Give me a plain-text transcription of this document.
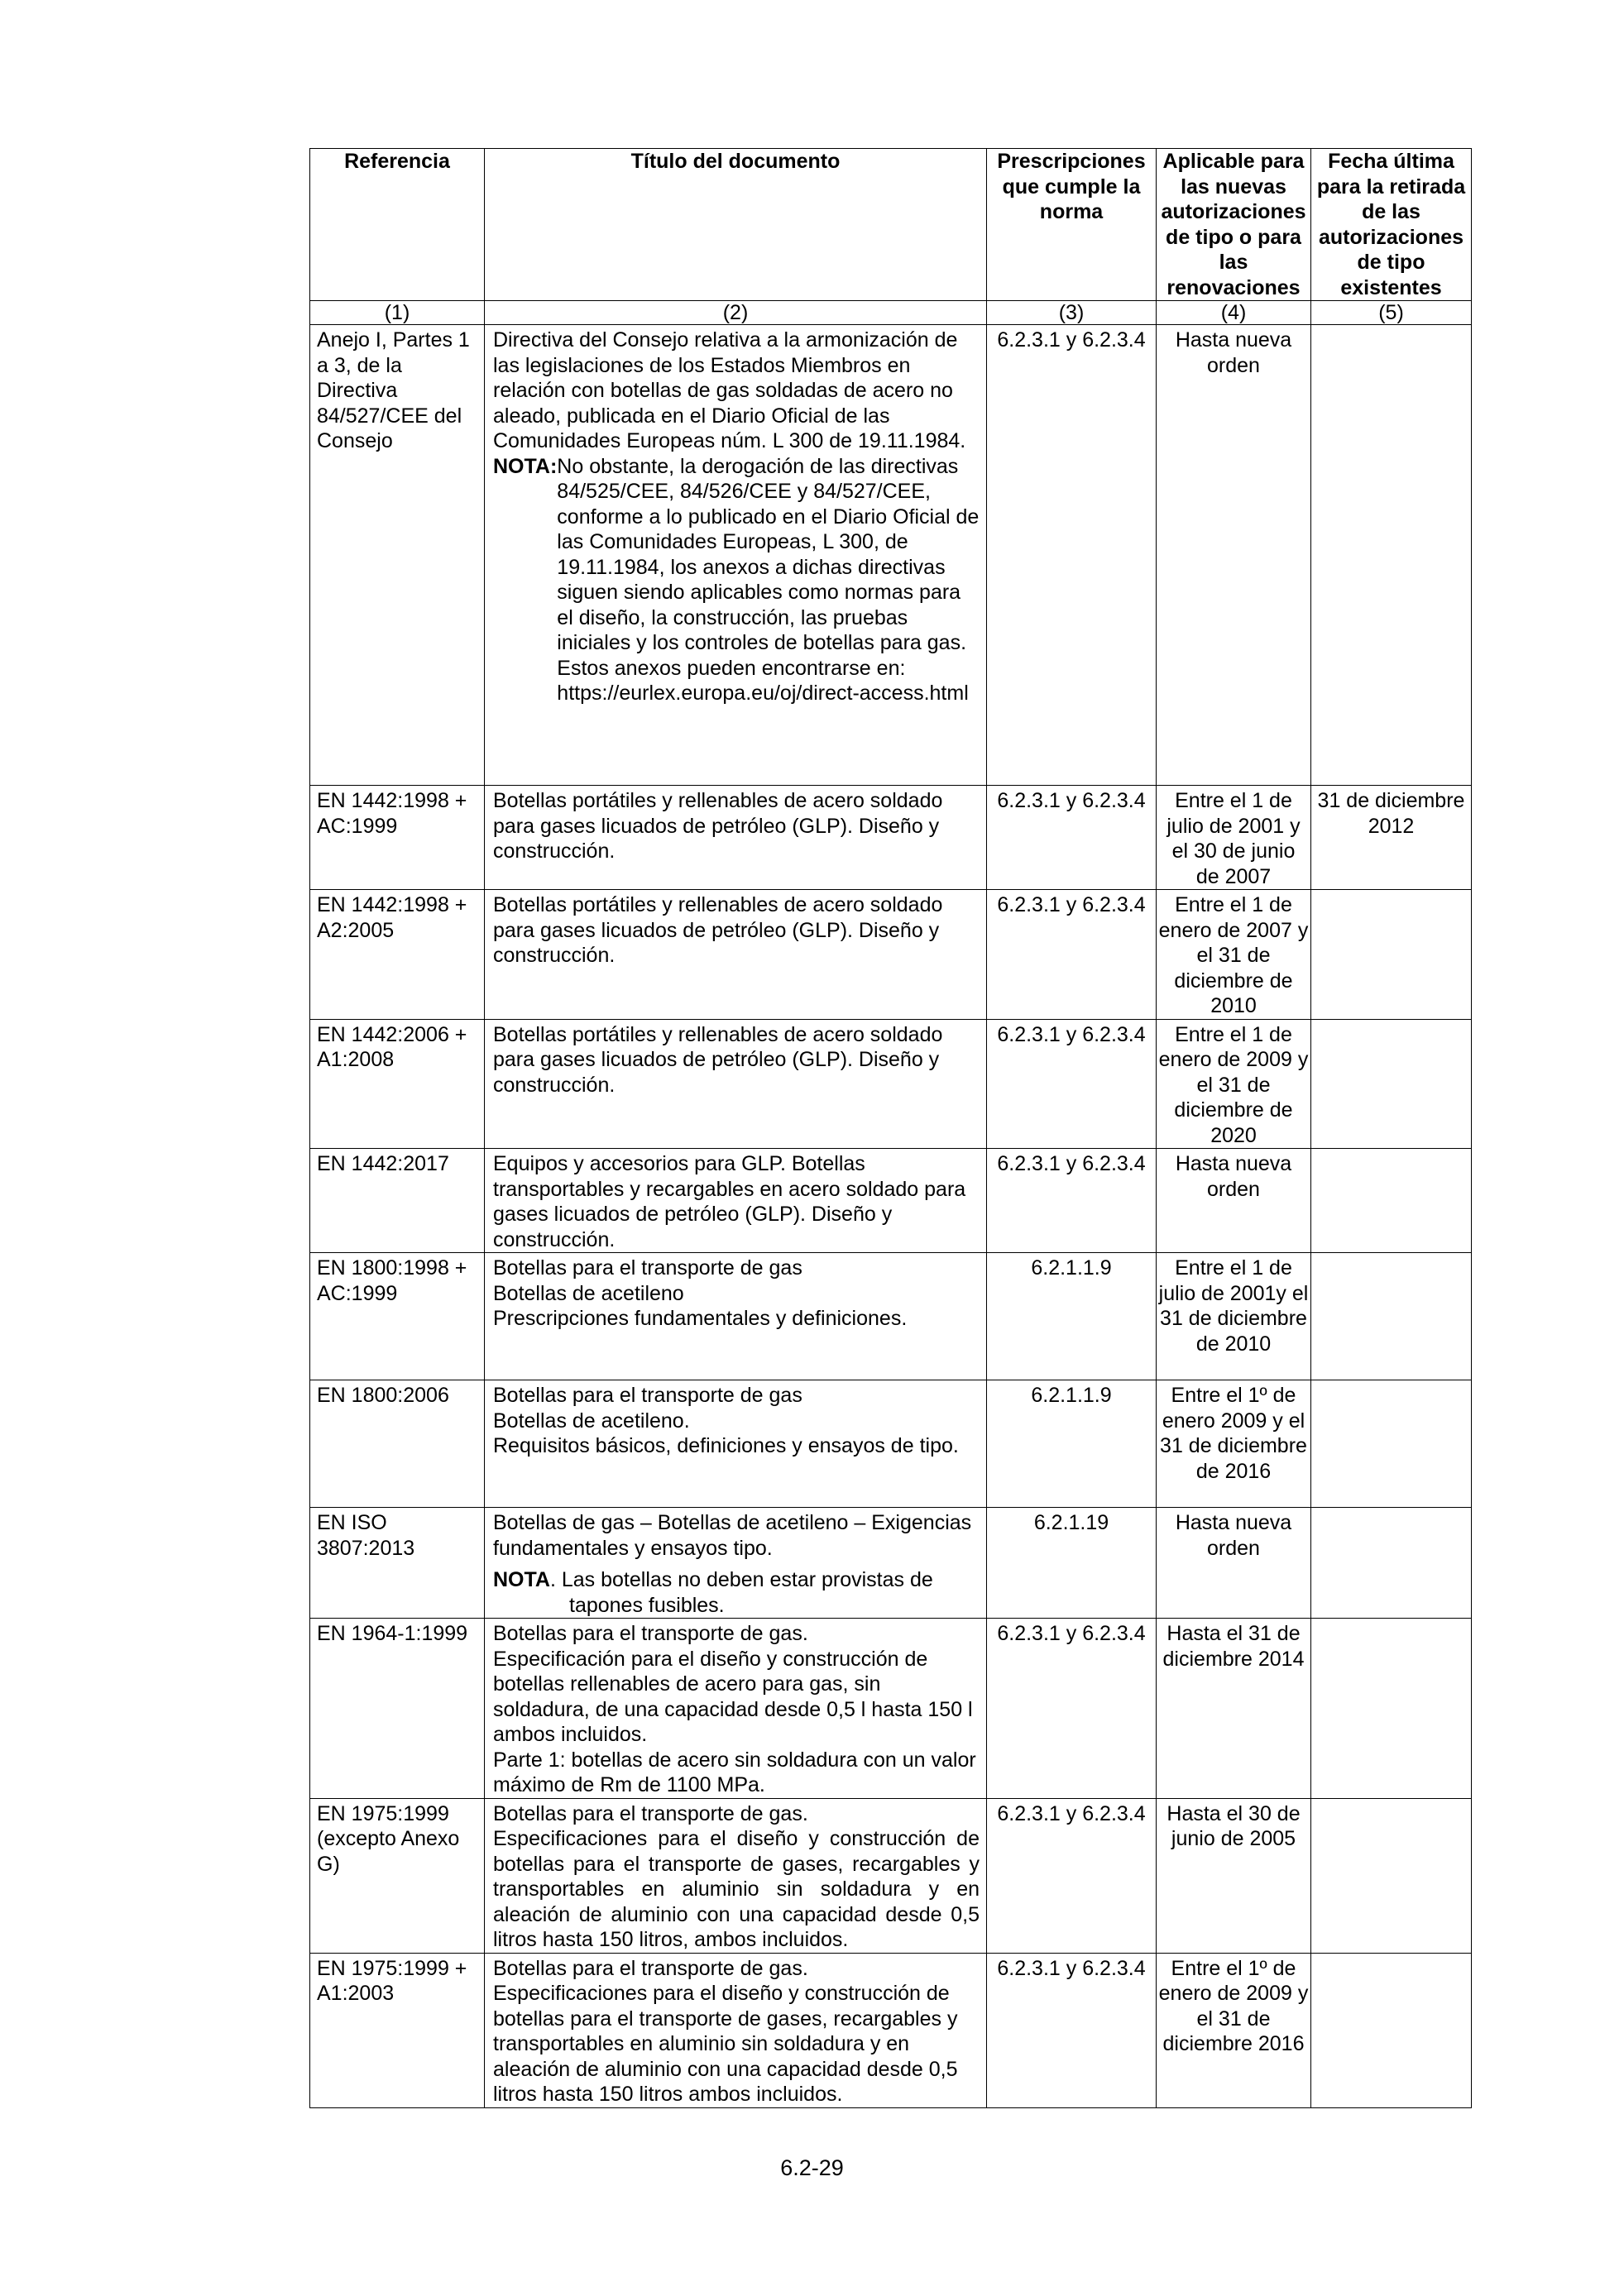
Referencia	Título del documento	Prescripciones que cumple la norma	Aplicable para las nuevas autorizaciones de tipo o para las renovaciones	Fecha última para la retirada de las autorizaciones de tipo existentes
(1)	(2)	(3)	(4)	(5)
Anejo I, Partes 1 a 3, de la Directiva 84/527/CEE del Consejo	Directiva del Consejo relativa a la armonización de las legislaciones de los Estados Miembros en relación con botellas de gas soldadas de acero no aleado, publicada en el Diario Oficial de las Comunidades Europeas núm. L 300 de 19.11.1984.
NOTA: No obstante, la derogación de las directivas 84/525/CEE, 84/526/CEE y 84/527/CEE, conforme a lo publicado en el Diario Oficial de las Comunidades Europeas, L 300, de 19.11.1984, los anexos a dichas directivas siguen siendo aplicables como normas para el diseño, la construcción, las pruebas iniciales y los controles de botellas para gas. Estos anexos pueden encontrarse en: https://eurlex.europa.eu/oj/direct-access.html	6.2.3.1 y 6.2.3.4	Hasta nueva orden	
EN 1442:1998 + AC:1999	Botellas portátiles y rellenables de acero soldado para gases licuados de petróleo (GLP). Diseño y construcción.	6.2.3.1 y 6.2.3.4	Entre el 1 de julio de 2001 y el 30 de junio de 2007	31 de diciembre 2012
EN 1442:1998 + A2:2005	Botellas portátiles y rellenables de acero soldado para gases licuados de petróleo (GLP). Diseño y construcción.	6.2.3.1 y 6.2.3.4	Entre el 1 de enero de 2007 y el 31 de diciembre de 2010	
EN 1442:2006 + A1:2008	Botellas portátiles y rellenables de acero soldado para gases licuados de petróleo (GLP). Diseño y construcción.	6.2.3.1 y 6.2.3.4	Entre el 1 de enero de 2009 y el 31 de diciembre de 2020	
EN 1442:2017	Equipos y accesorios para GLP. Botellas transportables y recargables en acero soldado para gases licuados de petróleo (GLP). Diseño y construcción.	6.2.3.1 y 6.2.3.4	Hasta nueva orden	
EN 1800:1998 + AC:1999	Botellas para el transporte de gas
Botellas de acetileno
Prescripciones fundamentales y definiciones.	6.2.1.1.9	Entre el 1 de julio de 2001y el 31 de diciembre de 2010	
EN 1800:2006	Botellas para el transporte de gas
Botellas de acetileno.
Requisitos básicos, definiciones y ensayos de tipo.	6.2.1.1.9	Entre el 1º de enero 2009 y el 31 de diciembre de 2016	
EN ISO 3807:2013	Botellas de gas – Botellas de acetileno – Exigencias fundamentales y ensayos tipo.
NOTA. Las botellas no deben estar provistas de tapones fusibles.	6.2.1.19	Hasta nueva orden	
EN 1964-1:1999	Botellas para el transporte de gas.
Especificación para el diseño y construcción de botellas rellenables de acero para gas, sin soldadura, de una capacidad desde 0,5 l hasta 150 l ambos incluidos.
Parte 1: botellas de acero sin soldadura con un valor máximo de Rm de 1100 MPa.	6.2.3.1 y 6.2.3.4	Hasta el 31 de diciembre 2014	
EN 1975:1999 (excepto Anexo G)	Botellas para el transporte de gas.
Especificaciones para el diseño y construcción de botellas para el transporte de gases, recargables y transportables en aluminio sin soldadura y en aleación de aluminio con una capacidad desde 0,5 litros hasta 150 litros, ambos incluidos.	6.2.3.1 y 6.2.3.4	Hasta el 30 de junio de 2005	
EN 1975:1999 + A1:2003	Botellas para el transporte de gas.
Especificaciones para el diseño y construcción de botellas para el transporte de gases, recargables y transportables en aluminio sin soldadura y en aleación de aluminio con una capacidad desde 0,5 litros hasta 150 litros ambos incluidos.	6.2.3.1 y 6.2.3.4	Entre el 1º de enero de 2009 y el 31 de diciembre 2016	
6.2-29
